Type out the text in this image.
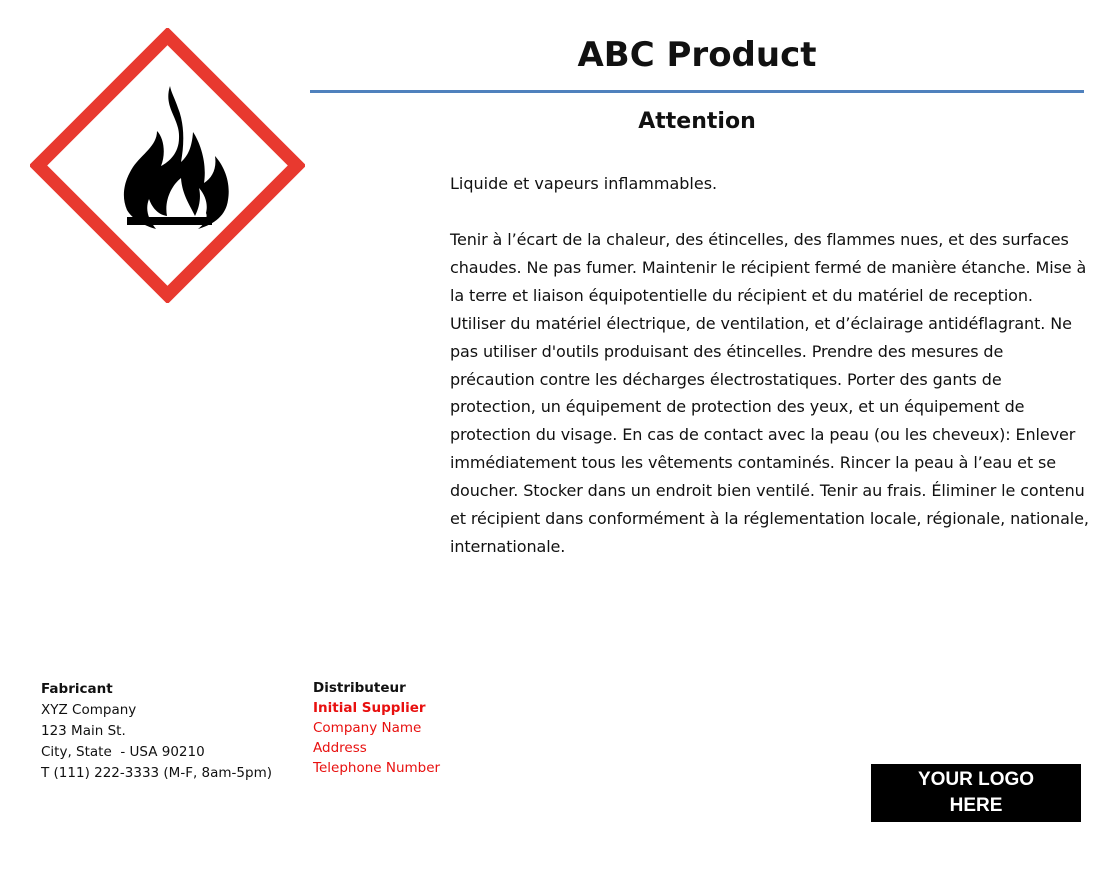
ABC Product
Attention
Liquide et vapeurs inflammables.
Tenir à l’écart de la chaleur, des étincelles, des flammes nues, et des surfaces chaudes. Ne pas fumer. Maintenir le récipient fermé de manière étanche. Mise à la terre et liaison équipotentielle du récipient et du matériel de reception. Utiliser du matériel électrique, de ventilation, et d’éclairage antidéflagrant. Ne pas utiliser d'outils produisant des étincelles. Prendre des mesures de précaution contre les décharges électrostatiques. Porter des gants de protection, un équipement de protection des yeux, et un équipement de protection du visage. En cas de contact avec la peau (ou les cheveux): Enlever immédiatement tous les vêtements contaminés. Rincer la peau à l’eau et se doucher. Stocker dans un endroit bien ventilé. Tenir au frais. Éliminer le contenu et récipient dans conformément à la réglementation locale, régionale, nationale, internationale.
Fabricant
XYZ Company
123 Main St.
City, State  - USA 90210
T (111) 222-3333 (M-F, 8am-5pm)
Distributeur
Initial Supplier
Company Name
Address
Telephone Number
YOUR LOGO
HERE
